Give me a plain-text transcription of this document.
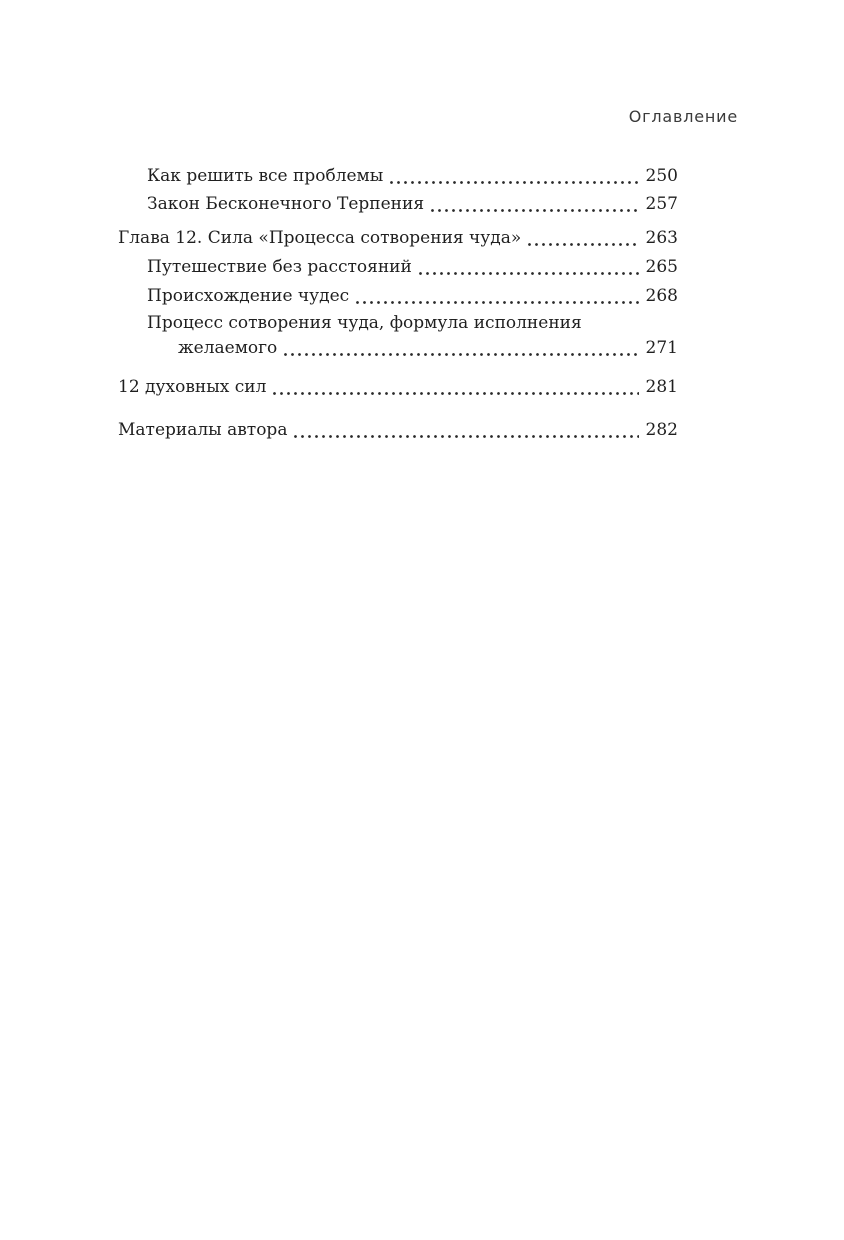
Оглавление
Как решить все проблемы	250
Закон Бесконечного Терпения	257
Глава 12. Сила «Процесса сотворения чуда»	263
Путешествие без расстояний	265
Происхождение чудес	268
Процесс сотворения чуда, формула исполнения
желаемого	271
12 духовных сил	281
Материалы автора	282
